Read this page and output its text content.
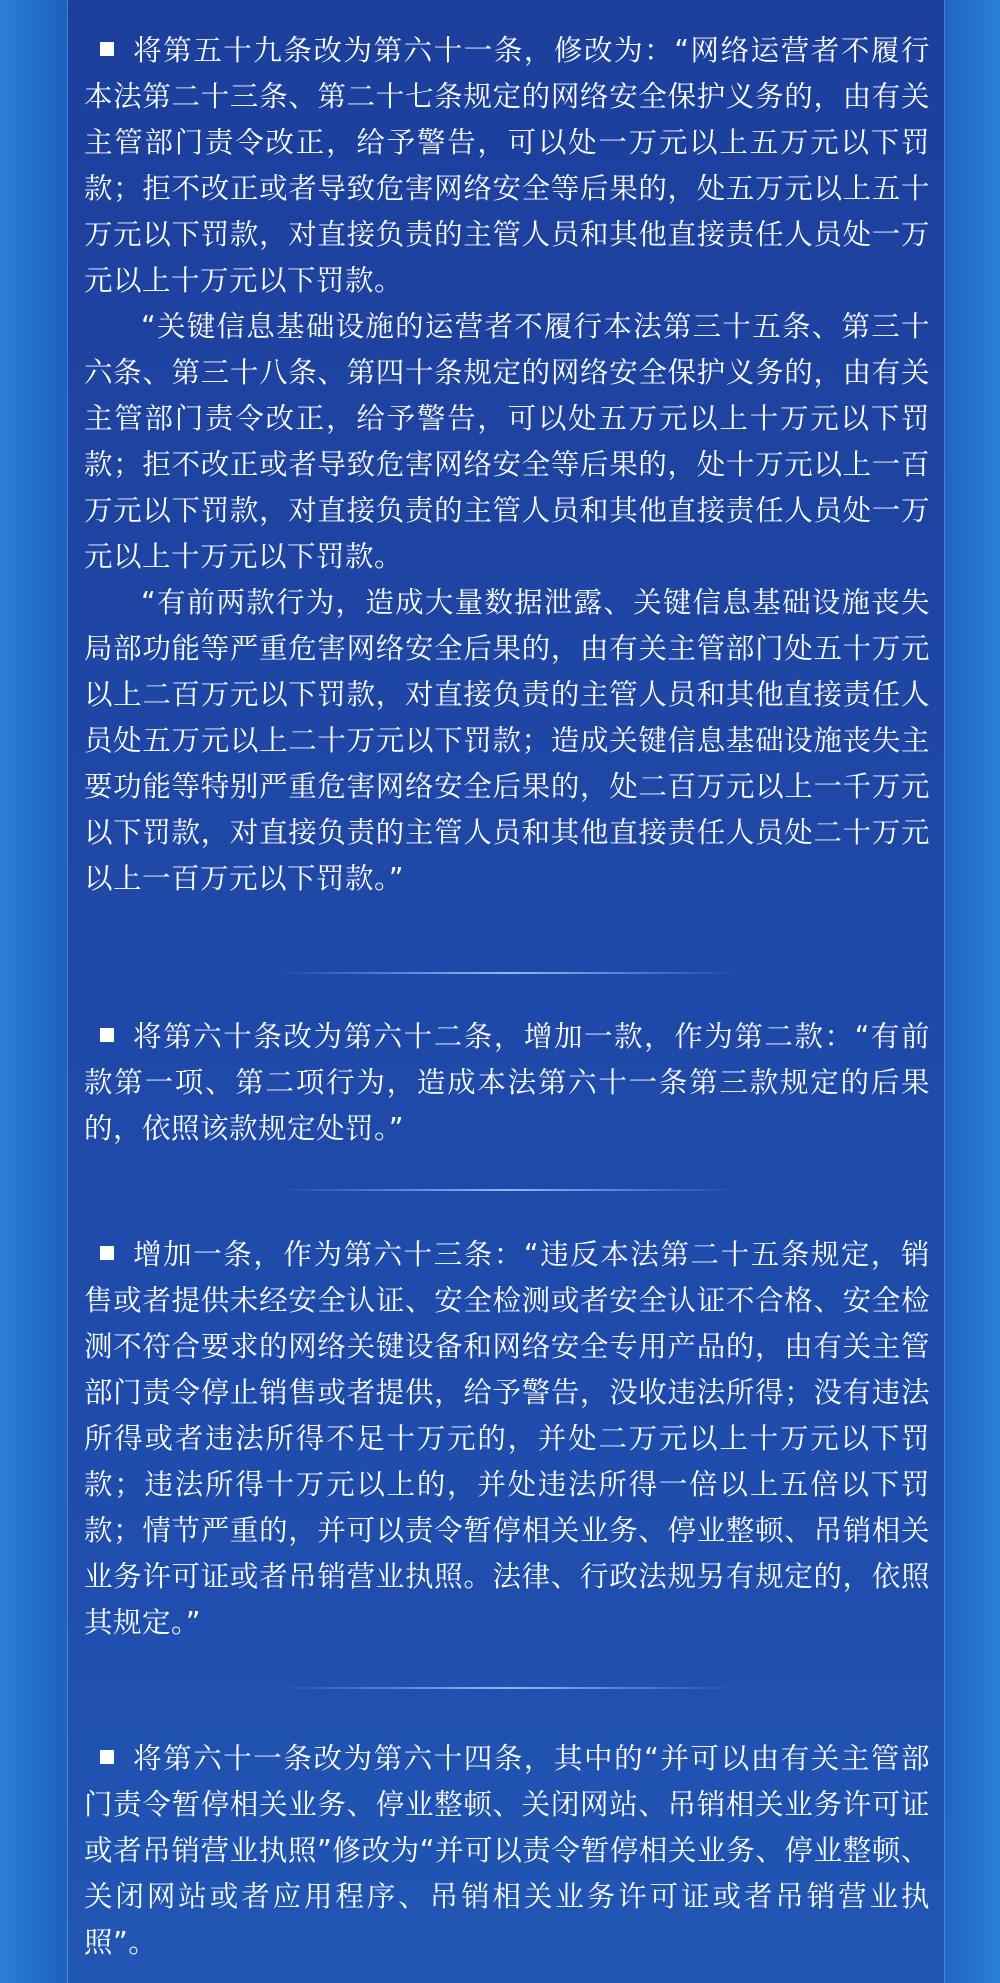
将第五十九条改为第六十一条，修改为：“网络运营者不履行本法第二十三条、第二十七条规定的网络安全保护义务的，由有关主管部门责令改正，给予警告，可以处一万元以上五万元以下罚款；拒不改正或者导致危害网络安全等后果的，处五万元以上五十万元以下罚款，对直接负责的主管人员和其他直接责任人员处一万元以上十万元以下罚款。

“关键信息基础设施的运营者不履行本法第三十五条、第三十六条、第三十八条、第四十条规定的网络安全保护义务的，由有关主管部门责令改正，给予警告，可以处五万元以上十万元以下罚款；拒不改正或者导致危害网络安全等后果的，处十万元以上一百万元以下罚款，对直接负责的主管人员和其他直接责任人员处一万元以上十万元以下罚款。

“有前两款行为，造成大量数据泄露、关键信息基础设施丧失局部功能等严重危害网络安全后果的，由有关主管部门处五十万元以上二百万元以下罚款，对直接负责的主管人员和其他直接责任人员处五万元以上二十万元以下罚款；造成关键信息基础设施丧失主要功能等特别严重危害网络安全后果的，处二百万元以上一千万元以下罚款，对直接负责的主管人员和其他直接责任人员处二十万元以上一百万元以下罚款。”

将第六十条改为第六十二条，增加一款，作为第二款：“有前款第一项、第二项行为，造成本法第六十一条第三款规定的后果的，依照该款规定处罚。”

增加一条，作为第六十三条：“违反本法第二十五条规定，销售或者提供未经安全认证、安全检测或者安全认证不合格、安全检测不符合要求的网络关键设备和网络安全专用产品的，由有关主管部门责令停止销售或者提供，给予警告，没收违法所得；没有违法所得或者违法所得不足十万元的，并处二万元以上十万元以下罚款；违法所得十万元以上的，并处违法所得一倍以上五倍以下罚款；情节严重的，并可以责令暂停相关业务、停业整顿、吊销相关业务许可证或者吊销营业执照。法律、行政法规另有规定的，依照其规定。”

将第六十一条改为第六十四条，其中的“并可以由有关主管部门责令暂停相关业务、停业整顿、关闭网站、吊销相关业务许可证或者吊销营业执照”修改为“并可以责令暂停相关业务、停业整顿、关闭网站或者应用程序、吊销相关业务许可证或者吊销营业执照”。
